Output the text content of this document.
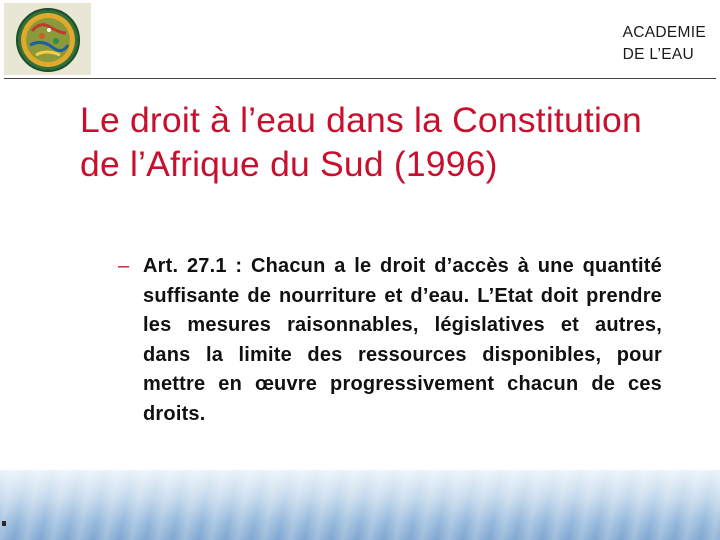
ACADEMIE
DE L’EAU
Le droit à l’eau dans la Constitution de l’Afrique du Sud (1996)
– Art. 27.1 : Chacun a le droit d’accès à une quantité suffisante de nourriture et d’eau. L’Etat doit prendre les mesures raisonnables, législatives et autres, dans la limite des ressources disponibles, pour mettre en œuvre progressivement chacun de ces droits.
